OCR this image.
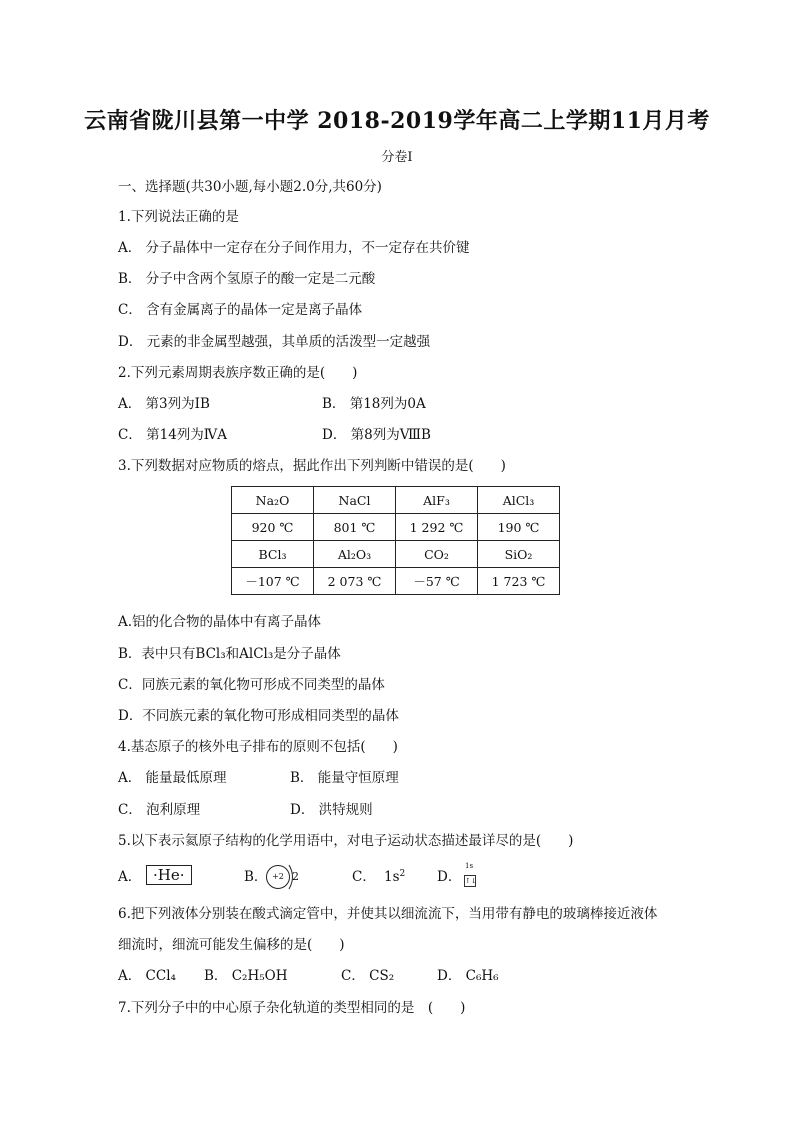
云南省陇川县第一中学 2018-2019学年高二上学期11月月考
分卷I
一、选择题(共30小题,每小题2.0分,共60分)
1.下列说法正确的是
A． 分子晶体中一定存在分子间作用力，不一定存在共价键
B． 分子中含两个氢原子的酸一定是二元酸
C． 含有金属离子的晶体一定是离子晶体
D． 元素的非金属型越强，其单质的活泼型一定越强
2.下列元素周期表族序数正确的是(　　)
A． 第3列为ⅠB	B． 第18列为0A
C． 第14列为ⅣA	D． 第8列为ⅧB
3.下列数据对应物质的熔点，据此作出下列判断中错误的是(　　)
Na₂O	NaCl	AlF₃	AlCl₃
920 ℃	801 ℃	1 292 ℃	190 ℃
BCl₃	Al₂O₃	CO₂	SiO₂
－107 ℃	2 073 ℃	－57 ℃	1 723 ℃
A.铝的化合物的晶体中有离子晶体
B．表中只有BCl₃和AlCl₃是分子晶体
C．同族元素的氧化物可形成不同类型的晶体
D．不同族元素的氧化物可形成相同类型的晶体
4.基态原子的核外电子排布的原则不包括(　　)
A． 能量最低原理	B． 能量守恒原理
C． 泡利原理	D． 洪特规则
5.以下表示氦原子结构的化学用语中，对电子运动状态描述最详尽的是(　　)
A． ·He·	B． +2 2	C． $1s^2$ D．
1s
↑↓
6.把下列液体分别装在酸式滴定管中，并使其以细流流下，当用带有静电的玻璃棒接近液体
细流时，细流可能发生偏移的是(　　)
A． CCl₄ B． C₂H₅OH	C． CS₂	D． C₆H₆
7.下列分子中的中心原子杂化轨道的类型相同的是　(　　)
